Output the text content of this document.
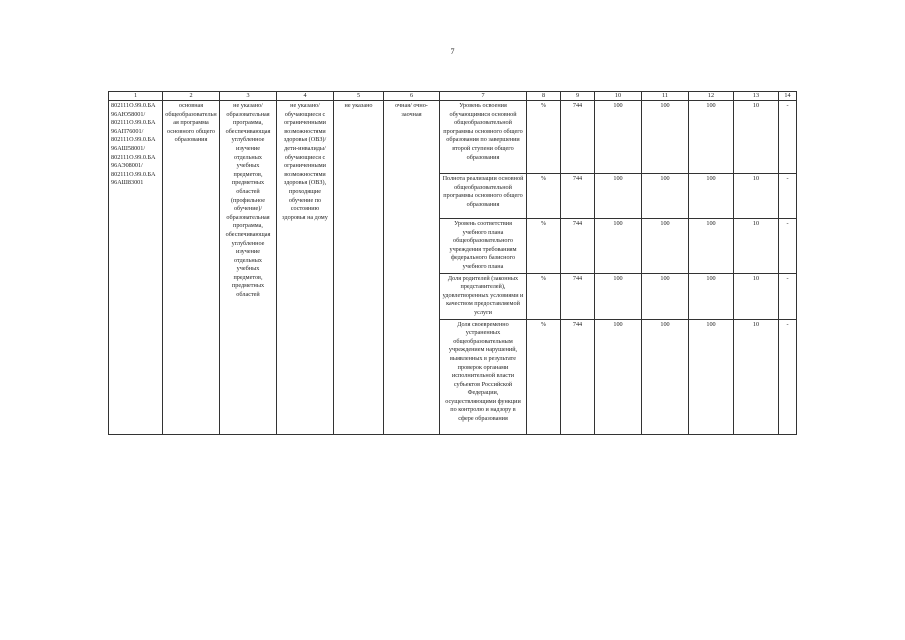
7
1	2	3	4	5	6	7	8	9	10	11	12	13	14
802111О.99.0.БА 96АЮ58001/ 802111О.99.0.БА 96АП76001/ 802111О.99.0.БА 96АШ58001/ 802111О.99.0.БА 96АЭ08001/ 802111О.99.0.БА 96АШ83001	основная общеобразовательная программа основного общего образования	не указано/ образовательная программа, обеспечивающая углубленное изучение отдельных учебных предметов, предметных областей (профильное обучение)/ образовательная программа, обеспечивающая углубленное изучение отдельных учебных предметов, предметных областей	не указано/ обучающиеся с ограниченными возможностями здоровья (ОВЗ)/ дети-инвалиды/ обучающиеся с ограниченными возможностями здоровья (ОВЗ), проходящие обучение по состоянию здоровья на дому	не указано	очная/ очно-заочная	Уровень освоения обучающимися основной общеобразовательной программы основного общего образования по завершении второй ступени общего образования	%	744	100	100	100	10	-
						Полнота реализации основной общеобразовательной программы основного общего образования	%	744	100	100	100	10	-
						Уровень соответствия учебного плана общеобразовательного учреждения требованиям федерального базисного учебного плана	%	744	100	100	100	10	-
						Доля родителей (законных представителей), удовлетворенных условиями и качеством предоставляемой услуги	%	744	100	100	100	10	-
						Доля своевременно устраненных общеобразовательным учреждением нарушений, выявленных в результате проверок органами исполнительной власти субъектов Российской Федерации, осуществляющими функции по контролю и надзору в сфере образования	%	744	100	100	100	10	-
